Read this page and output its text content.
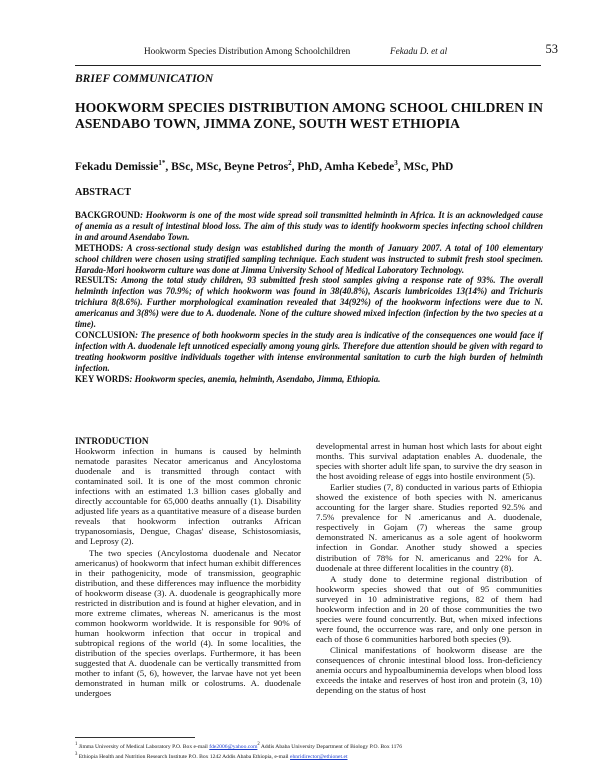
Hookworm Species Distribution Among Schoolchildren	Fekadu D. et al	53
BRIEF COMMUNICATION
HOOKWORM SPECIES DISTRIBUTION AMONG SCHOOL CHILDREN IN ASENDABO TOWN, JIMMA ZONE, SOUTH WEST ETHIOPIA

Fekadu Demissie$^{1*}$, BSc, MSc, Beyne Petros$^2$, PhD, Amha Kebede$^3$, MSc, PhD

ABSTRACT

BACKGROUND: Hookworm is one of the most wide spread soil transmitted helminth in Africa. It is an acknowledged cause of anemia as a result of intestinal blood loss. The aim of this study was to identify hookworm species infecting school children in and around Asendabo Town.

METHODS: A cross-sectional study design was established during the month of January 2007. A total of 100 elementary school children were chosen using stratified sampling technique. Each student was instructed to submit fresh stool specimen. Harada-Mori hookworm culture was done at Jimma University School of Medical Laboratory Technology.

RESULTS: Among the total study children, 93 submitted fresh stool samples giving a response rate of 93%. The overall helminth infection was 70.9%; of which hookworm was found in 38(40.8%), Ascaris lumbricoides 13(14%) and Trichuris trichiura 8(8.6%). Further morphological examination revealed that 34(92%) of the hookworm infections were due to N. americanus and 3(8%) were due to A. duodenale. None of the culture showed mixed infection (infection by the two species at a time).

CONCLUSION: The presence of both hookworm species in the study area is indicative of the consequences one would face if infection with A. duodenale left unnoticed especially among young girls. Therefore due attention should be given with regard to treating hookworm positive individuals together with intense environmental sanitation to curb the high burden of helminth infection.

KEY WORDS: Hookworm species, anemia, helminth, Asendabo, Jimma, Ethiopia.

INTRODUCTION

Hookworm infection in humans is caused by helminth nematode parasites Necator americanus and Ancylostoma duodenale and is transmitted through contact with contaminated soil. It is one of the most common chronic infections with an estimated 1.3 billion cases globally and directly accountable for 65,000 deaths annually (1). Disability adjusted life years as a quantitative measure of a disease burden reveals that hookworm infection outranks African trypanosomiasis, Dengue, Chagas' disease, Schistosomiasis, and Leprosy (2).

The two species (Ancylostoma duodenale and Necator americanus) of hookworm that infect human exhibit differences in their pathogenicity, mode of transmission, geographic distribution, and these differences may influence the morbidity of hookworm disease (3). A. duodenale is geographically more restricted in distribution and is found at higher elevation, and in more extreme climates, whereas N. americanus is the most common hookworm worldwide. It is responsible for 90% of human hookworm infection that occur in tropical and subtropical regions of the world (4). In some localities, the distribution of the species overlaps. Furthermore, it has been suggested that A. duodenale can be vertically transmitted from mother to infant (5, 6), however, the larvae have not yet been demonstrated in human milk or colostrums. A. duodenale undergoes

developmental arrest in human host which lasts for about eight months. This survival adaptation enables A. duodenale, the species with shorter adult life span, to survive the dry season in the host avoiding release of eggs into hostile environment (5).

Earlier studies (7, 8) conducted in various parts of Ethiopia showed the existence of both species with N. americanus accounting for the larger share. Studies reported 92.5% and 7.5% prevalence for N .americanus and A. duodenale, respectively in Gojam (7) whereas the same group demonstrated N. americanus as a sole agent of hookworm infection in Gondar. Another study showed a species distribution of 78% for N. americanus and 22% for A. duodenale at three different localities in the country (8).

A study done to determine regional distribution of hookworm species showed that out of 95 communities surveyed in 10 administrative regions, 82 of them had hookworm infection and in 20 of those communities the two species were found concurrently. But, when mixed infections were found, the occurrence was rare, and only one person in each of those 6 communities harbored both species (9).

Clinical manifestations of hookworm disease are the consequences of chronic intestinal blood loss. Iron-deficiency anemia occurs and hypoalbuminemia develops when blood loss exceeds the intake and reserves of host iron and protein (3, 10) depending on the status of host

$^1$ Jimma University of Medical Laboratory P.O. Box e-mail fde2006@yahoo.com$^2$ Addis Ababa University Department of Biology P.O. Box 1176

$^3$ Ethiopia Health and Nutrition Research Institute P.O. Box 1242 Addis Ababa Ethiopia, e-mail ehnridirector@ethionet.et
